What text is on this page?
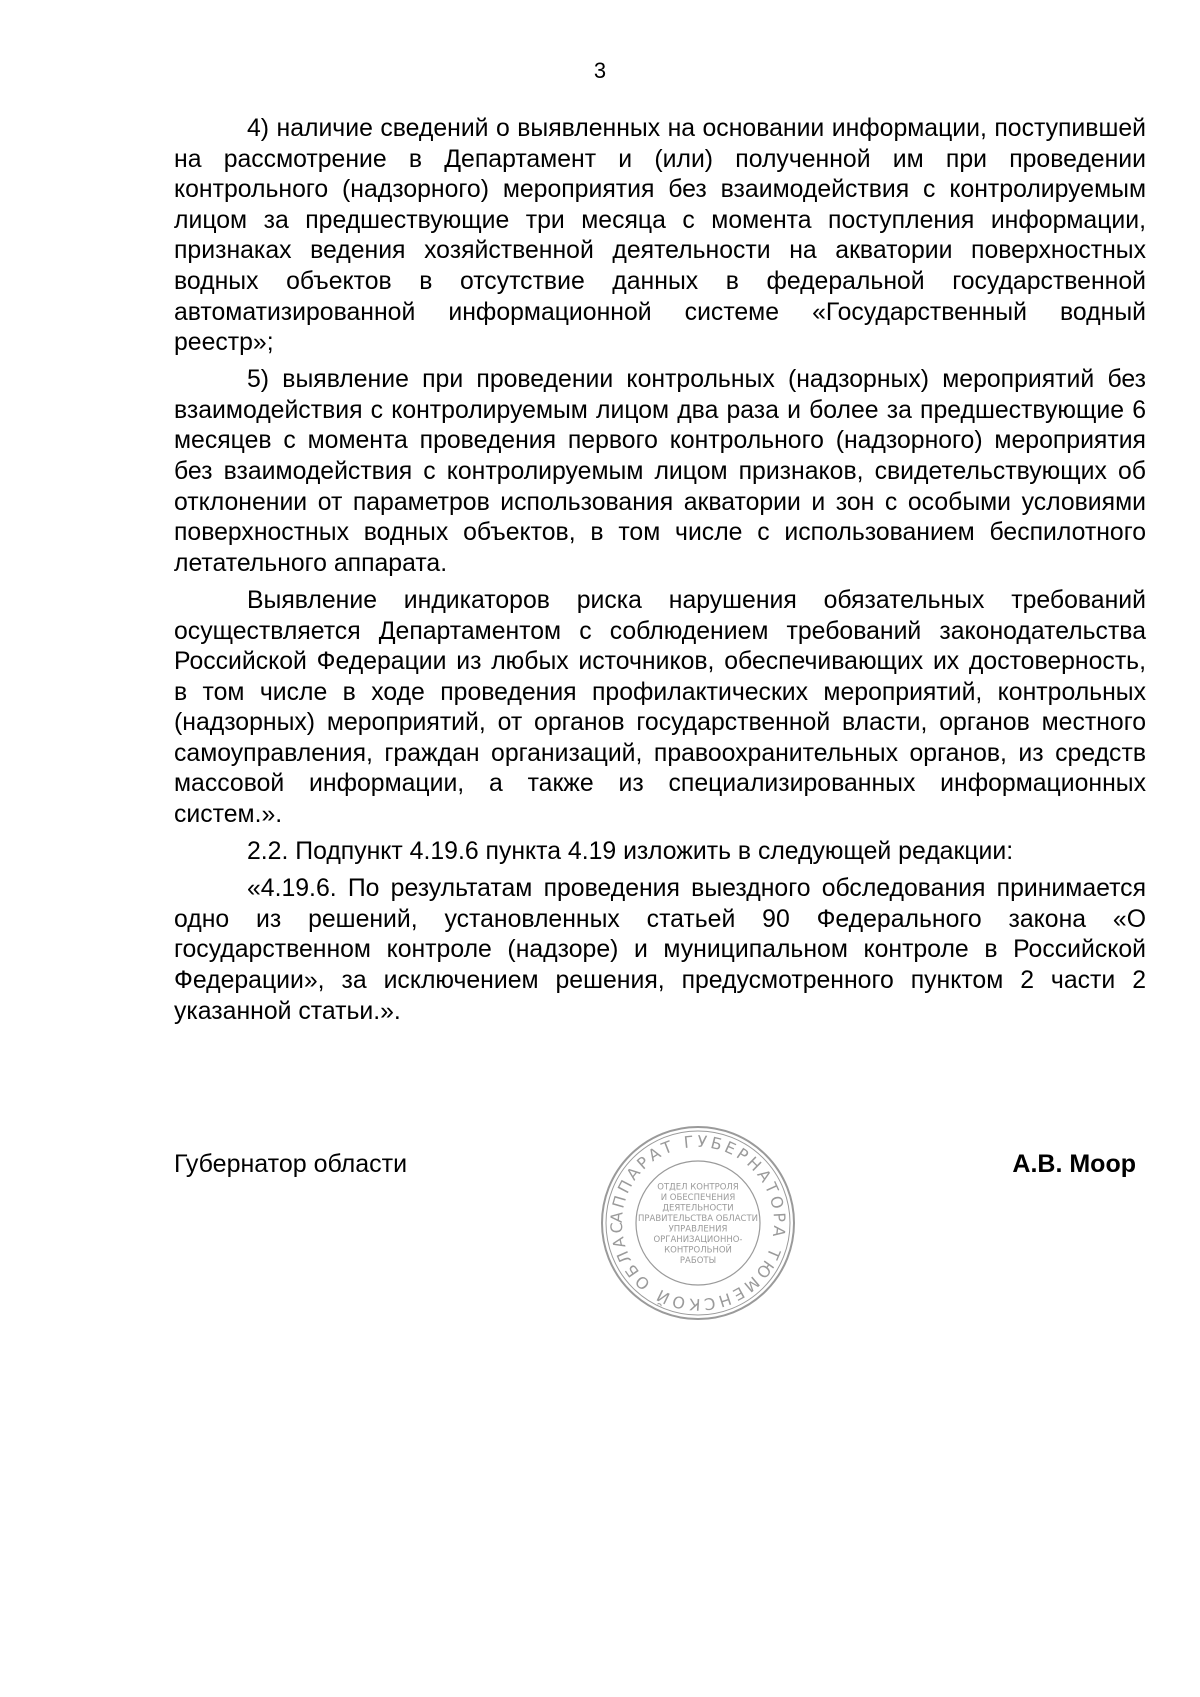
3

4) наличие сведений о выявленных на основании информации, поступившей на рассмотрение в Департамент и (или) полученной им при проведении контрольного (надзорного) мероприятия без взаимодействия с контролируемым лицом за предшествующие три месяца с момента поступления информации, признаках ведения хозяйственной деятельности на акватории поверхностных водных объектов в отсутствие данных в федеральной государственной автоматизированной информационной системе «Государственный водный реестр»;

5) выявление при проведении контрольных (надзорных) мероприятий без взаимодействия с контролируемым лицом два раза и более за предшествующие 6 месяцев с момента проведения первого контрольного (надзорного) мероприятия без взаимодействия с контролируемым лицом признаков, свидетельствующих об отклонении от параметров использования акватории и зон с особыми условиями поверхностных водных объектов, в том числе с использованием беспилотного летательного аппарата.

Выявление индикаторов риска нарушения обязательных требований осуществляется Департаментом с соблюдением требований законодательства Российской Федерации из любых источников, обеспечивающих их достоверность, в том числе в ходе проведения профилактических мероприятий, контрольных (надзорных) мероприятий, от органов государственной власти, органов местного самоуправления, граждан организаций, правоохранительных органов, из средств массовой информации, а также из специализированных информационных систем.».

2.2. Подпункт 4.19.6 пункта 4.19 изложить в следующей редакции:

«4.19.6. По результатам проведения выездного обследования принимается одно из решений, установленных статьей 90 Федерального закона «О государственном контроле (надзоре) и муниципальном контроле в Российской Федерации», за исключением решения, предусмотренного пунктом 2 части 2 указанной статьи.».

Губернатор области	А.В. Моор
АППАРАТ ГУБЕРНАТОРА ТЮМЕНСКОЙ ОБЛАС
ОТДЕЛ КОНТРОЛЯ
И ОБЕСПЕЧЕНИЯ
ДЕЯТЕЛЬНОСТИ
ПРАВИТЕЛЬСТВА ОБЛАСТИ
УПРАВЛЕНИЯ
ОРГАНИЗАЦИОННО-
КОНТРОЛЬНОЙ
РАБОТЫ
